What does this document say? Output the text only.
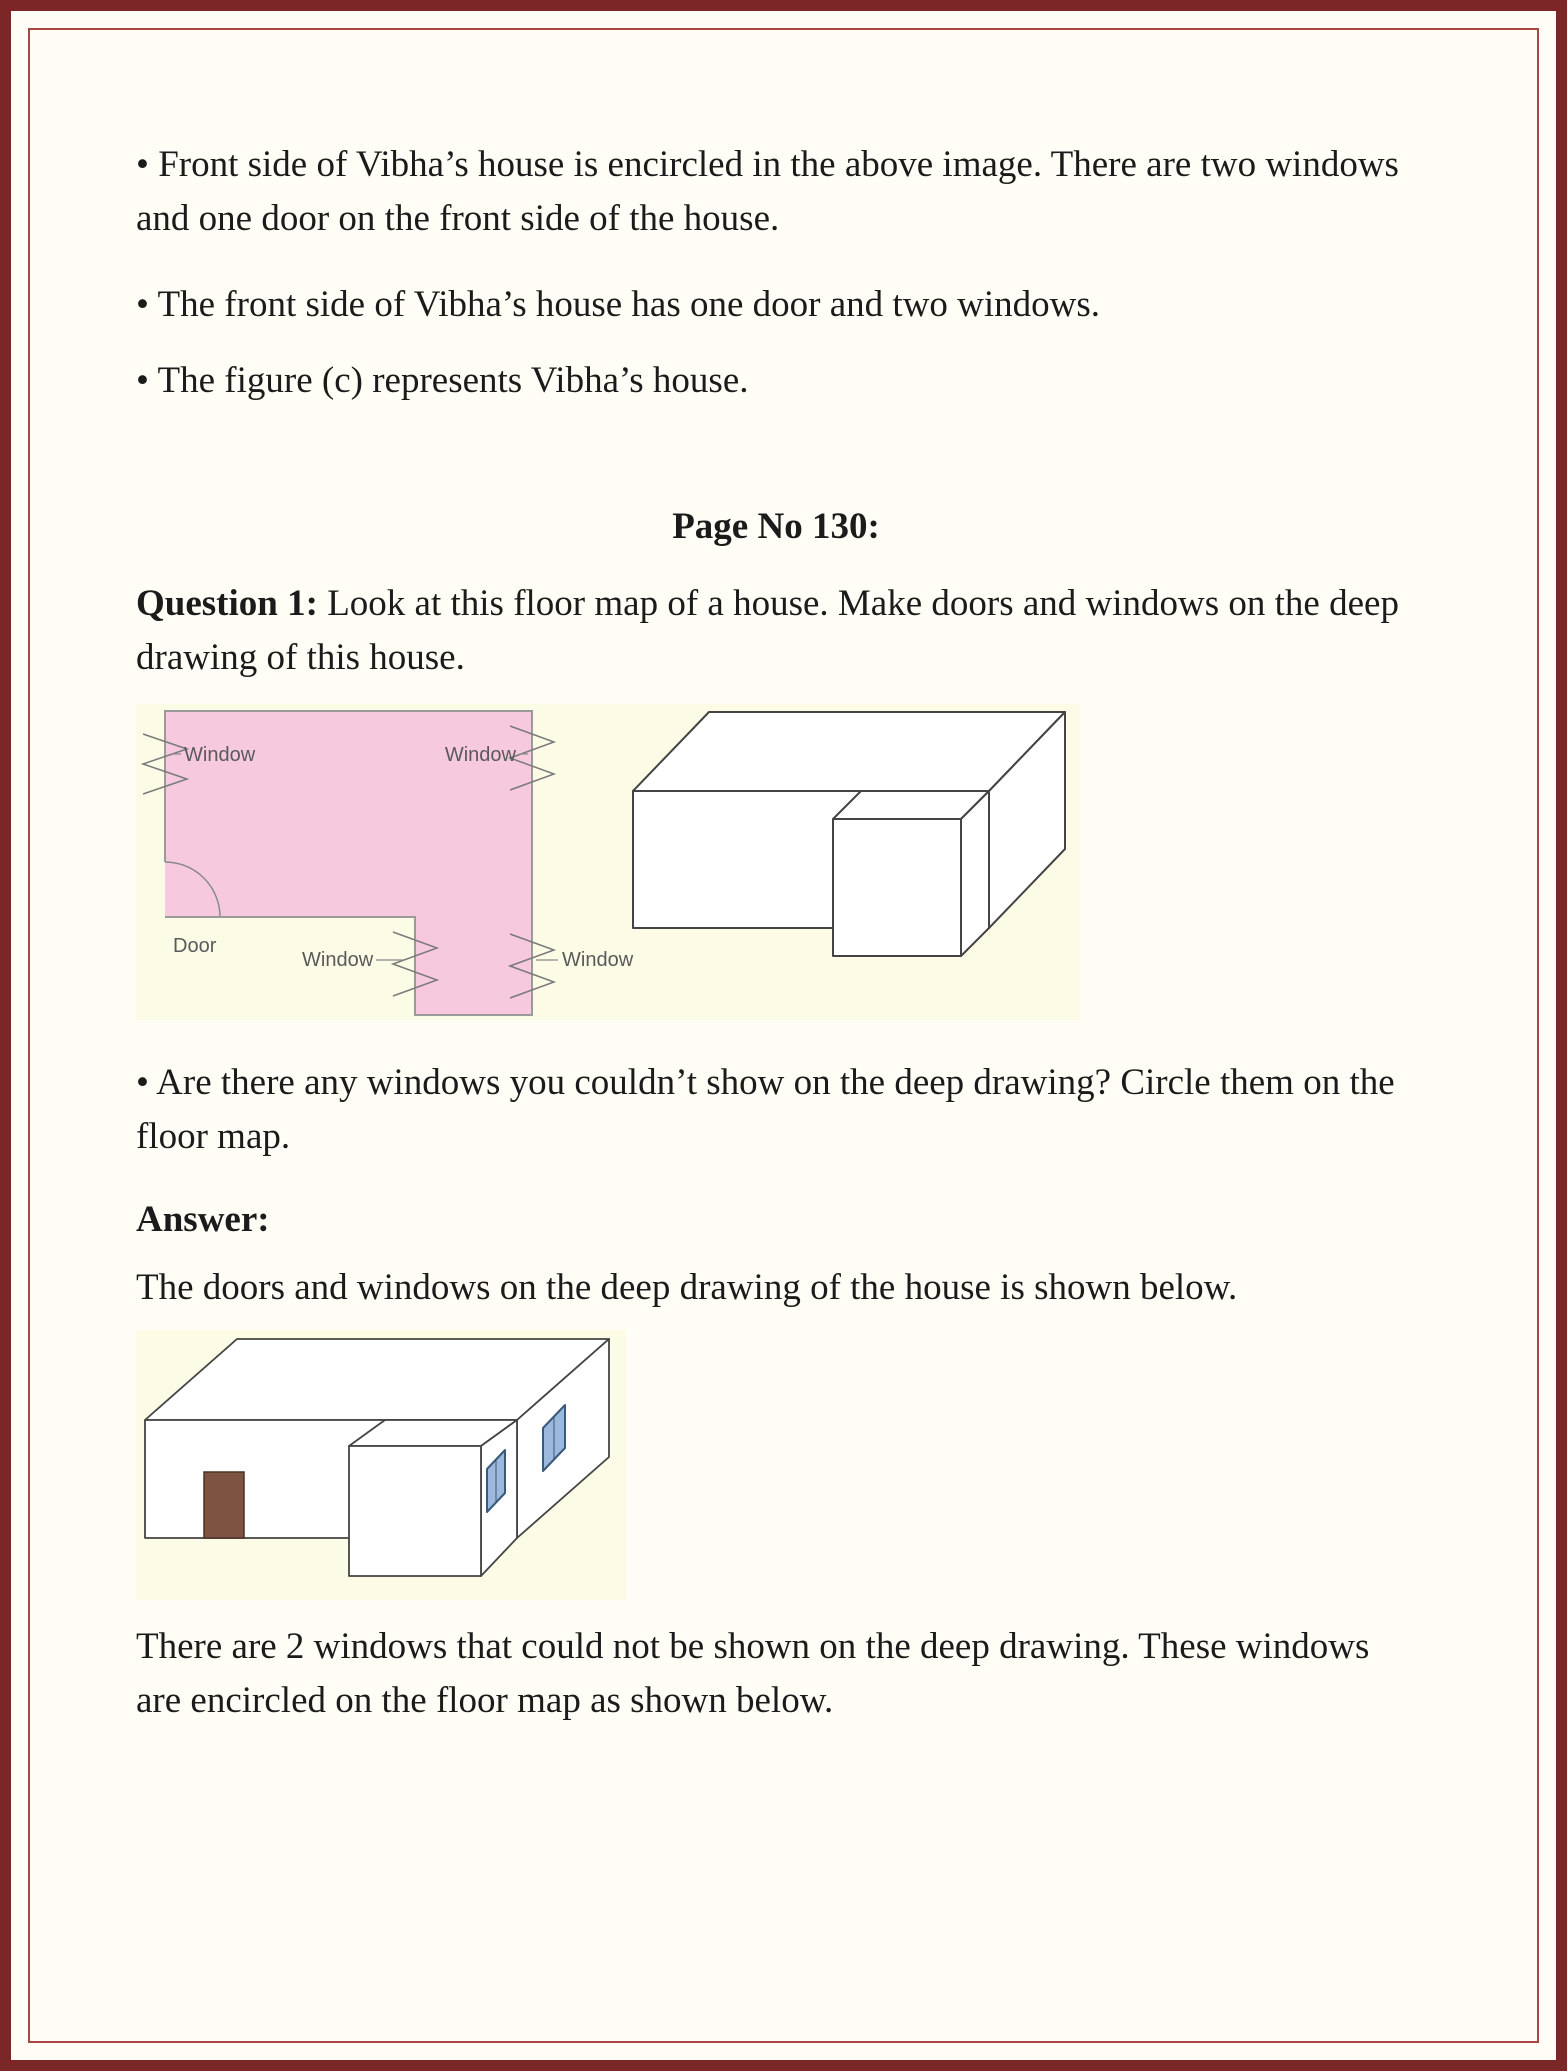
• Front side of Vibha’s house is encircled in the above image. There are two windows and one door on the front side of the house.

• The front side of Vibha’s house has one door and two windows.

• The figure (c) represents Vibha’s house.

Page No 130:

Question 1: Look at this floor map of a house. Make doors and windows on the deep drawing of this house.

Window	Window
Door
Window	Window

• Are there any windows you couldn’t show on the deep drawing? Circle them on the floor map.

Answer:

The doors and windows on the deep drawing of the house is shown below.

There are 2 windows that could not be shown on the deep drawing. These windows are encircled on the floor map as shown below.
